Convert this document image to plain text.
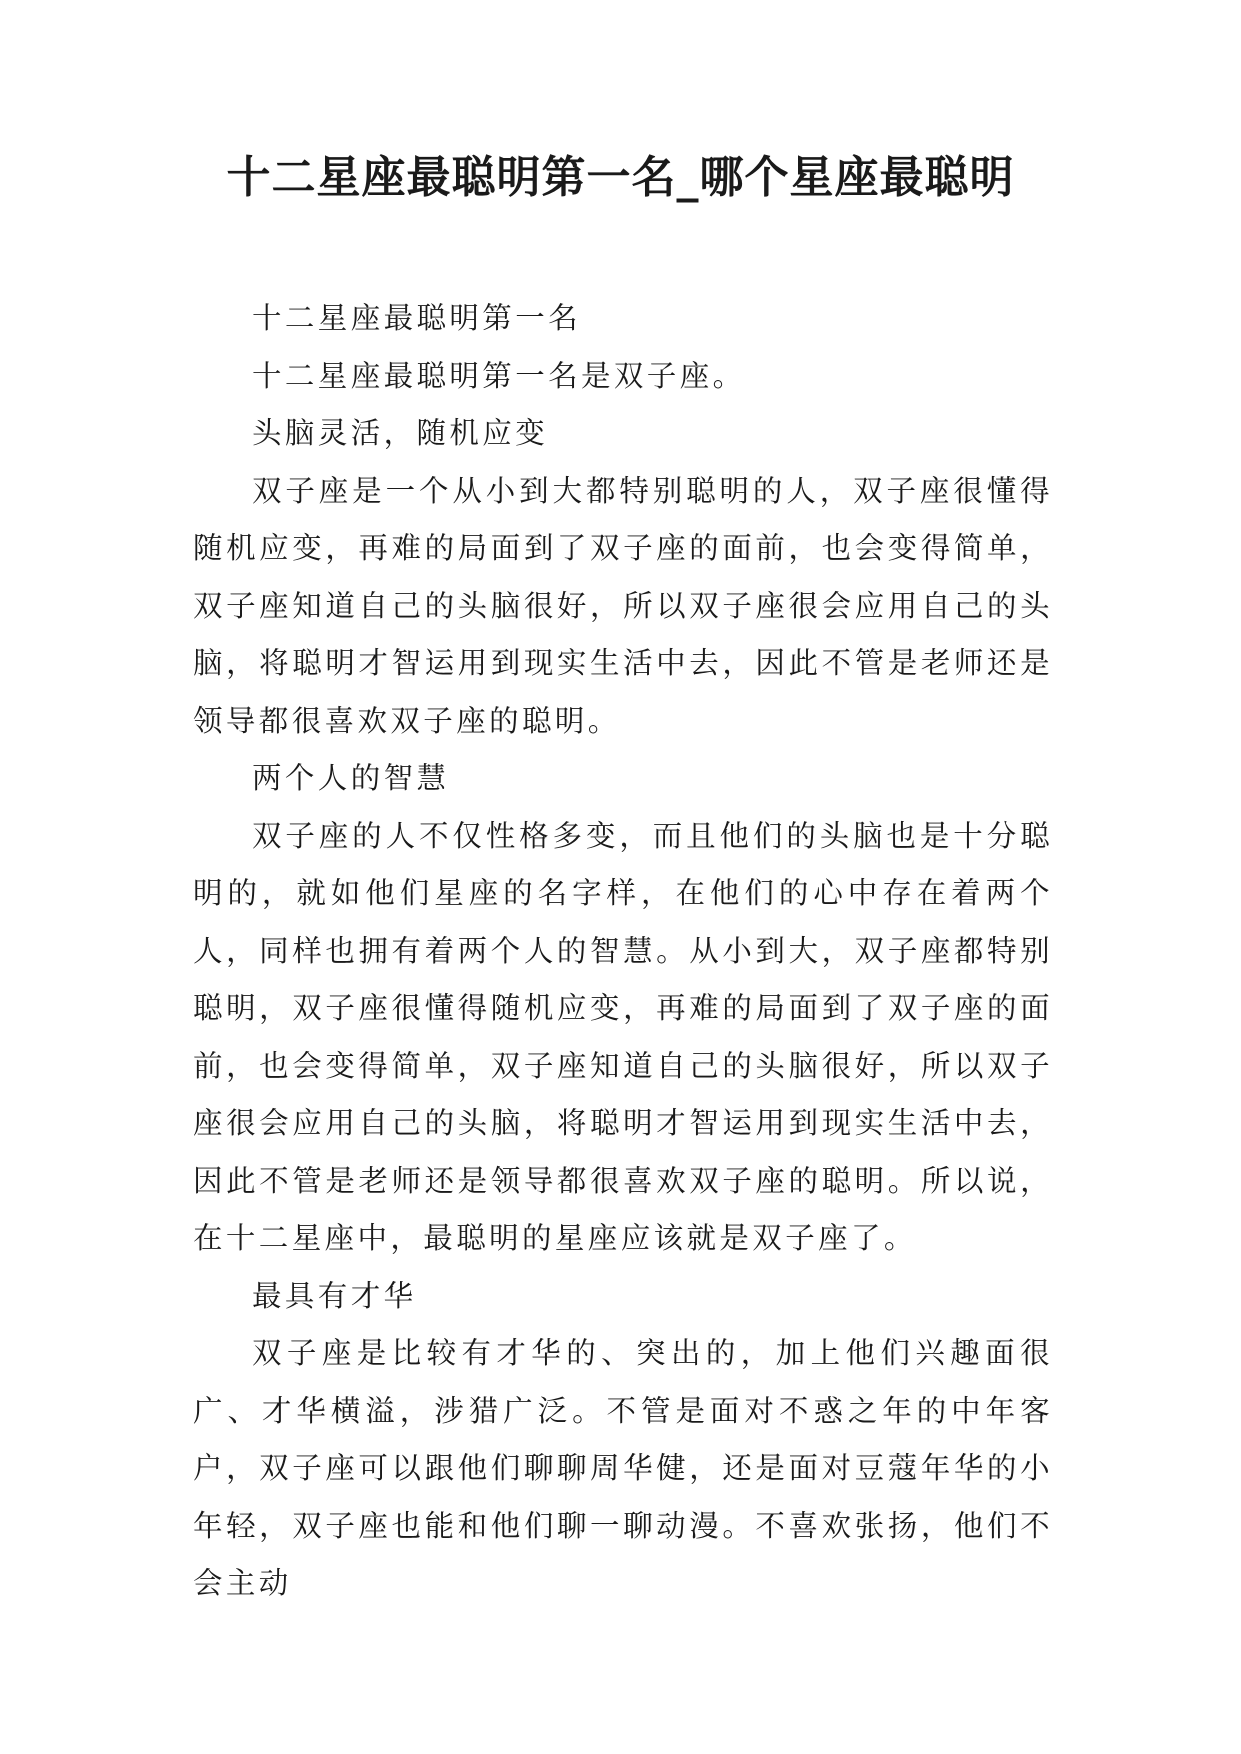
十二星座最聪明第一名_哪个星座最聪明

十二星座最聪明第一名

十二星座最聪明第一名是双子座。

头脑灵活，随机应变

双子座是一个从小到大都特别聪明的人，双子座很懂得随机应变，再难的局面到了双子座的面前，也会变得简单，双子座知道自己的头脑很好，所以双子座很会应用自己的头脑，将聪明才智运用到现实生活中去，因此不管是老师还是领导都很喜欢双子座的聪明。

两个人的智慧

双子座的人不仅性格多变，而且他们的头脑也是十分聪明的，就如他们星座的名字样，在他们的心中存在着两个人，同样也拥有着两个人的智慧。从小到大，双子座都特别聪明，双子座很懂得随机应变，再难的局面到了双子座的面前，也会变得简单，双子座知道自己的头脑很好，所以双子座很会应用自己的头脑，将聪明才智运用到现实生活中去，因此不管是老师还是领导都很喜欢双子座的聪明。所以说，在十二星座中，最聪明的星座应该就是双子座了。

最具有才华

双子座是比较有才华的、突出的，加上他们兴趣面很广、才华横溢，涉猎广泛。不管是面对不惑之年的中年客户，双子座可以跟他们聊聊周华健，还是面对豆蔻年华的小年轻，双子座也能和他们聊一聊动漫。不喜欢张扬，他们不会主动
